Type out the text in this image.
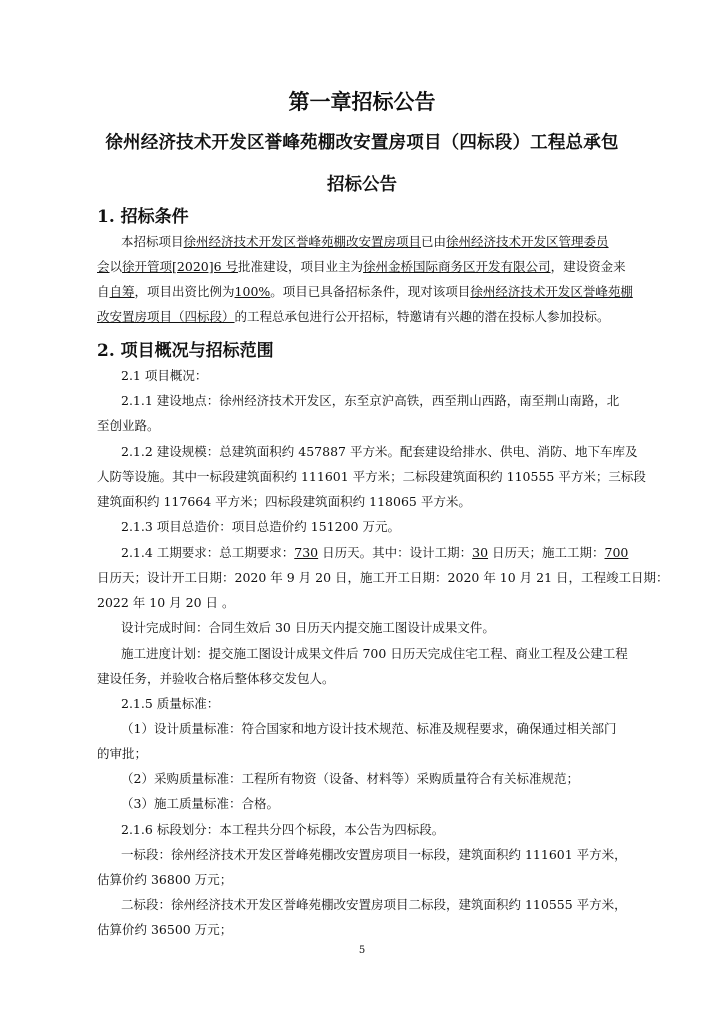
第一章招标公告
徐州经济技术开发区誉峰苑棚改安置房项目（四标段）工程总承包
招标公告
1. 招标条件
本招标项目徐州经济技术开发区誉峰苑棚改安置房项目已由徐州经济技术开发区管理委员
会以徐开管项[2020]6 号批准建设，项目业主为徐州金桥国际商务区开发有限公司，建设资金来
自自筹，项目出资比例为100%。项目已具备招标条件，现对该项目徐州经济技术开发区誉峰苑棚
改安置房项目（四标段）的工程总承包进行公开招标，特邀请有兴趣的潜在投标人参加投标。
2. 项目概况与招标范围
2.1 项目概况：
2.1.1 建设地点：徐州经济技术开发区，东至京沪高铁，西至荆山西路，南至荆山南路，北
至创业路。
2.1.2 建设规模：总建筑面积约 457887 平方米。配套建设给排水、供电、消防、地下车库及
人防等设施。其中一标段建筑面积约 111601 平方米；二标段建筑面积约 110555 平方米；三标段
建筑面积约 117664 平方米；四标段建筑面积约 118065 平方米。
2.1.3 项目总造价：项目总造价约 151200 万元。
2.1.4 工期要求：总工期要求：730 日历天。其中：设计工期：30 日历天；施工工期：700
日历天；设计开工日期：2020 年 9 月 20 日，施工开工日期：2020 年 10 月 21 日，工程竣工日期：
2022 年 10 月 20 日 。
设计完成时间：合同生效后 30 日历天内提交施工图设计成果文件。
施工进度计划：提交施工图设计成果文件后 700 日历天完成住宅工程、商业工程及公建工程
建设任务，并验收合格后整体移交发包人。
2.1.5 质量标准：
（1）设计质量标准：符合国家和地方设计技术规范、标准及规程要求，确保通过相关部门
的审批；
（2）采购质量标准：工程所有物资（设备、材料等）采购质量符合有关标准规范；
（3）施工质量标准：合格。
2.1.6 标段划分：本工程共分四个标段，本公告为四标段。
一标段：徐州经济技术开发区誉峰苑棚改安置房项目一标段，建筑面积约 111601 平方米，
估算价约 36800 万元；
二标段：徐州经济技术开发区誉峰苑棚改安置房项目二标段，建筑面积约 110555 平方米，
估算价约 36500 万元；
5
